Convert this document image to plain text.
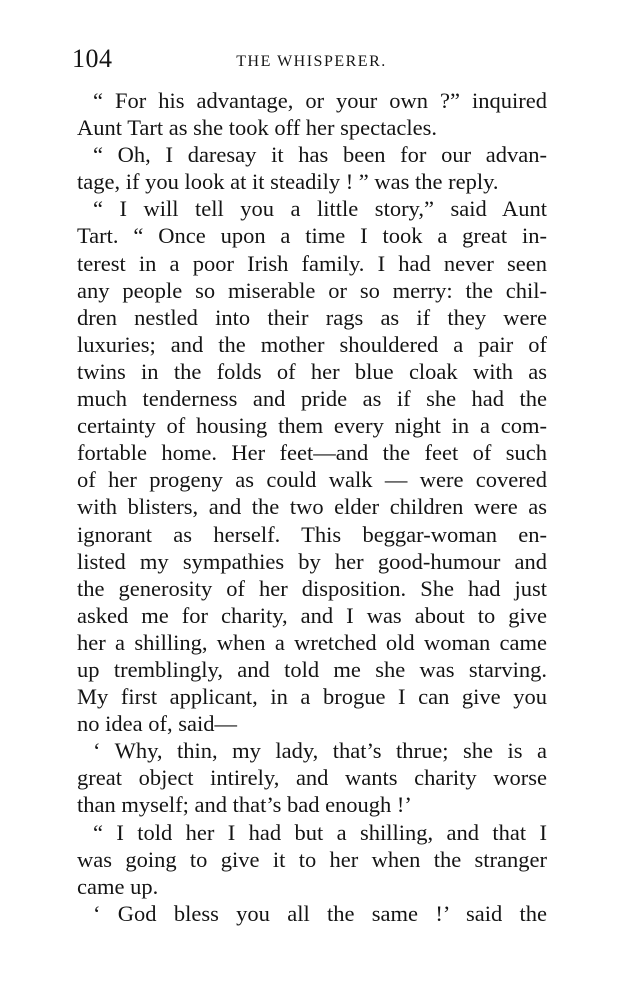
104	THE WHISPERER.
“ For his advantage, or your own ?” inquired
Aunt Tart as she took off her spectacles.
“ Oh, I daresay it has been for our advan-
tage, if you look at it steadily ! ” was the reply.
“ I will tell you a little story,” said Aunt
Tart. “ Once upon a time I took a great in-
terest in a poor Irish family. I had never seen
any people so miserable or so merry: the chil-
dren nestled into their rags as if they were
luxuries; and the mother shouldered a pair of
twins in the folds of her blue cloak with as
much tenderness and pride as if she had the
certainty of housing them every night in a com-
fortable home. Her feet—and the feet of such
of her progeny as could walk — were covered
with blisters, and the two elder children were as
ignorant as herself. This beggar-woman en-
listed my sympathies by her good-humour and
the generosity of her disposition. She had just
asked me for charity, and I was about to give
her a shilling, when a wretched old woman came
up tremblingly, and told me she was starving.
My first applicant, in a brogue I can give you
no idea of, said—
‘ Why, thin, my lady, that’s thrue; she is a
great object intirely, and wants charity worse
than myself; and that’s bad enough !’
“ I told her I had but a shilling, and that I
was going to give it to her when the stranger
came up.
‘ God bless you all the same !’ said the
